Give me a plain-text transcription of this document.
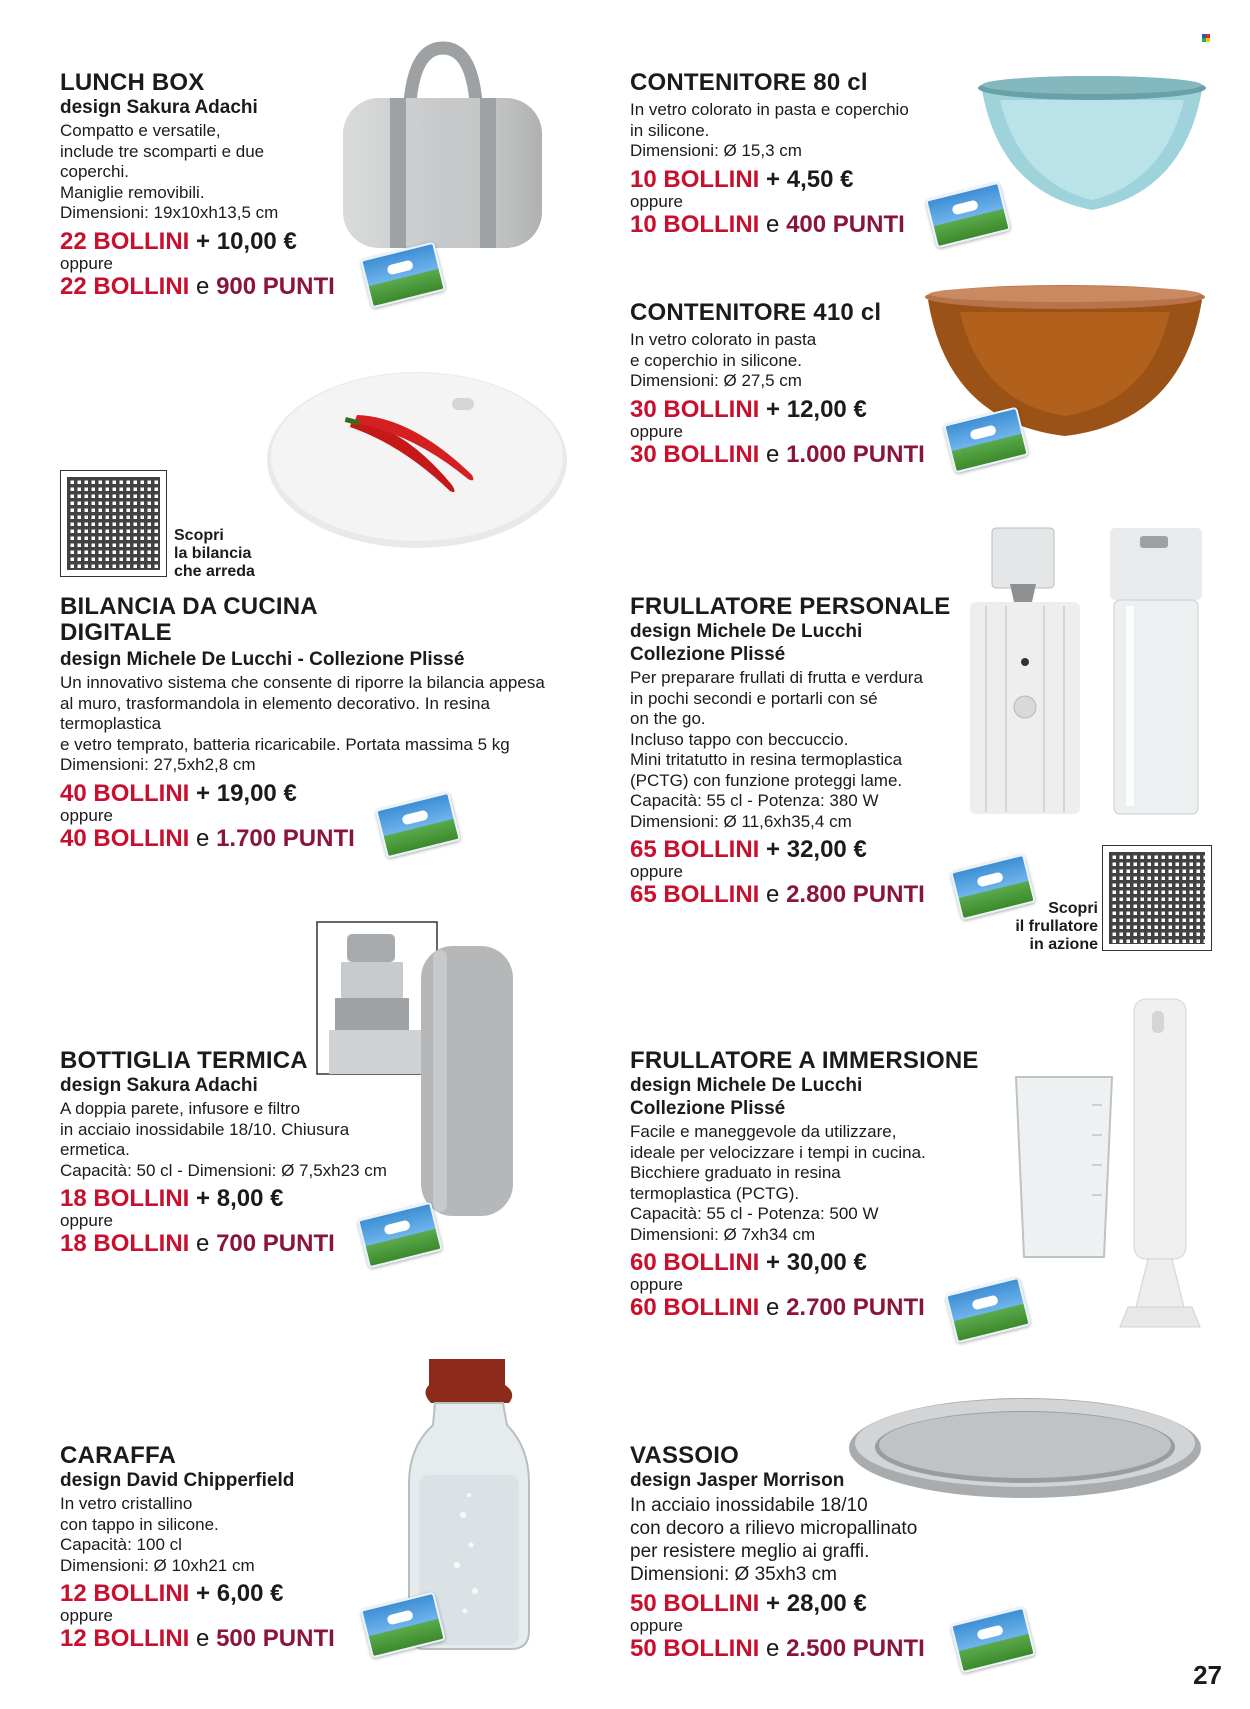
LUNCH BOX
design Sakura Adachi
Compatto e versatile,
include tre scomparti e due
coperchi.
Maniglie removibili.
Dimensioni: 19x10xh13,5 cm
22 BOLLINI + 10,00 €
oppure
22 BOLLINI e 900 PUNTI
CONTENITORE 80 cl
In vetro colorato in pasta e coperchio
in silicone.
Dimensioni: Ø 15,3 cm
10 BOLLINI + 4,50 €
oppure
10 BOLLINI e 400 PUNTI
CONTENITORE 410 cl
In vetro colorato in pasta
e coperchio in silicone.
Dimensioni: Ø 27,5 cm
30 BOLLINI + 12,00 €
oppure
30 BOLLINI e 1.000 PUNTI
Scopri
la bilancia
che arreda
BILANCIA DA CUCINA
DIGITALE
design Michele De Lucchi - Collezione Plissé
Un innovativo sistema che consente di riporre la bilancia appesa
al muro, trasformandola in elemento decorativo. In resina
termoplastica
e vetro temprato, batteria ricaricabile. Portata massima 5 kg
Dimensioni: 27,5xh2,8 cm
40 BOLLINI + 19,00 €
oppure
40 BOLLINI e 1.700 PUNTI
FRULLATORE PERSONALE
design Michele De Lucchi
Collezione Plissé
Per preparare frullati di frutta e verdura
in pochi secondi e portarli con sé
on the go.
Incluso tappo con beccuccio.
Mini tritatutto in resina termoplastica
(PCTG) con funzione proteggi lame.
Capacità: 55 cl - Potenza: 380 W
Dimensioni: Ø 11,6xh35,4 cm
65 BOLLINI + 32,00 €
oppure
65 BOLLINI e 2.800 PUNTI
Scopri
il frullatore
in azione
BOTTIGLIA TERMICA
design Sakura Adachi
A doppia parete, infusore e filtro
in acciaio inossidabile 18/10. Chiusura
ermetica.
Capacità: 50 cl - Dimensioni: Ø 7,5xh23 cm
18 BOLLINI + 8,00 €
oppure
18 BOLLINI e 700 PUNTI
FRULLATORE A IMMERSIONE
design Michele De Lucchi
Collezione Plissé
Facile e maneggevole da utilizzare,
ideale per velocizzare i tempi in cucina.
Bicchiere graduato in resina
termoplastica (PCTG).
Capacità: 55 cl - Potenza: 500 W
Dimensioni: Ø 7xh34 cm
60 BOLLINI + 30,00 €
oppure
60 BOLLINI e 2.700 PUNTI
CARAFFA
design David Chipperfield
In vetro cristallino
con tappo in silicone.
Capacità: 100 cl
Dimensioni: Ø 10xh21 cm
12 BOLLINI + 6,00 €
oppure
12 BOLLINI e 500 PUNTI
VASSOIO
design Jasper Morrison
In acciaio inossidabile 18/10
con decoro a rilievo micropallinato
per resistere meglio ai graffi.
Dimensioni: Ø 35xh3 cm
50 BOLLINI + 28,00 €
oppure
50 BOLLINI e 2.500 PUNTI
27
